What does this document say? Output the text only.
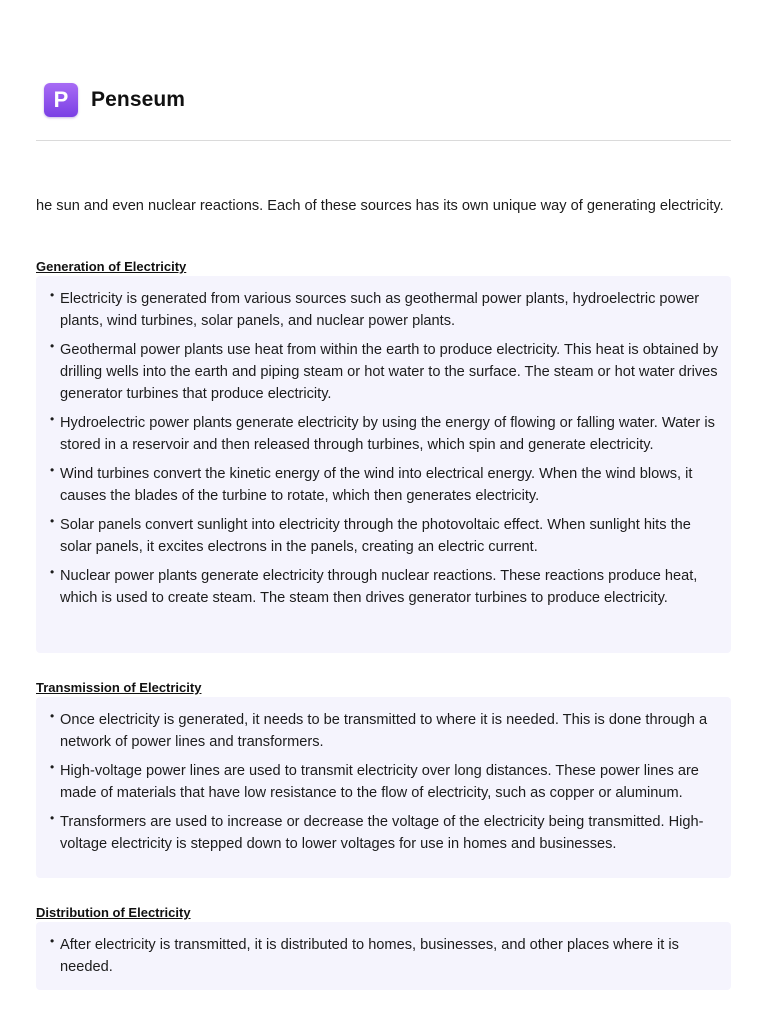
P Penseum

he sun and even nuclear reactions. Each of these sources has its own unique way of generating electricity.

Generation of Electricity
• Electricity is generated from various sources such as geothermal power plants, hydroelectric power plants, wind turbines, solar panels, and nuclear power plants.
• Geothermal power plants use heat from within the earth to produce electricity. This heat is obtained by drilling wells into the earth and piping steam or hot water to the surface. The steam or hot water drives generator turbines that produce electricity.
• Hydroelectric power plants generate electricity by using the energy of flowing or falling water. Water is stored in a reservoir and then released through turbines, which spin and generate electricity.
• Wind turbines convert the kinetic energy of the wind into electrical energy. When the wind blows, it causes the blades of the turbine to rotate, which then generates electricity.
• Solar panels convert sunlight into electricity through the photovoltaic effect. When sunlight hits the solar panels, it excites electrons in the panels, creating an electric current.
• Nuclear power plants generate electricity through nuclear reactions. These reactions produce heat, which is used to create steam. The steam then drives generator turbines to produce electricity.
Transmission of Electricity
• Once electricity is generated, it needs to be transmitted to where it is needed. This is done through a network of power lines and transformers.
• High-voltage power lines are used to transmit electricity over long distances. These power lines are made of materials that have low resistance to the flow of electricity, such as copper or aluminum.
• Transformers are used to increase or decrease the voltage of the electricity being transmitted. High-voltage electricity is stepped down to lower voltages for use in homes and businesses.
Distribution of Electricity
• After electricity is transmitted, it is distributed to homes, businesses, and other places where it is needed.
